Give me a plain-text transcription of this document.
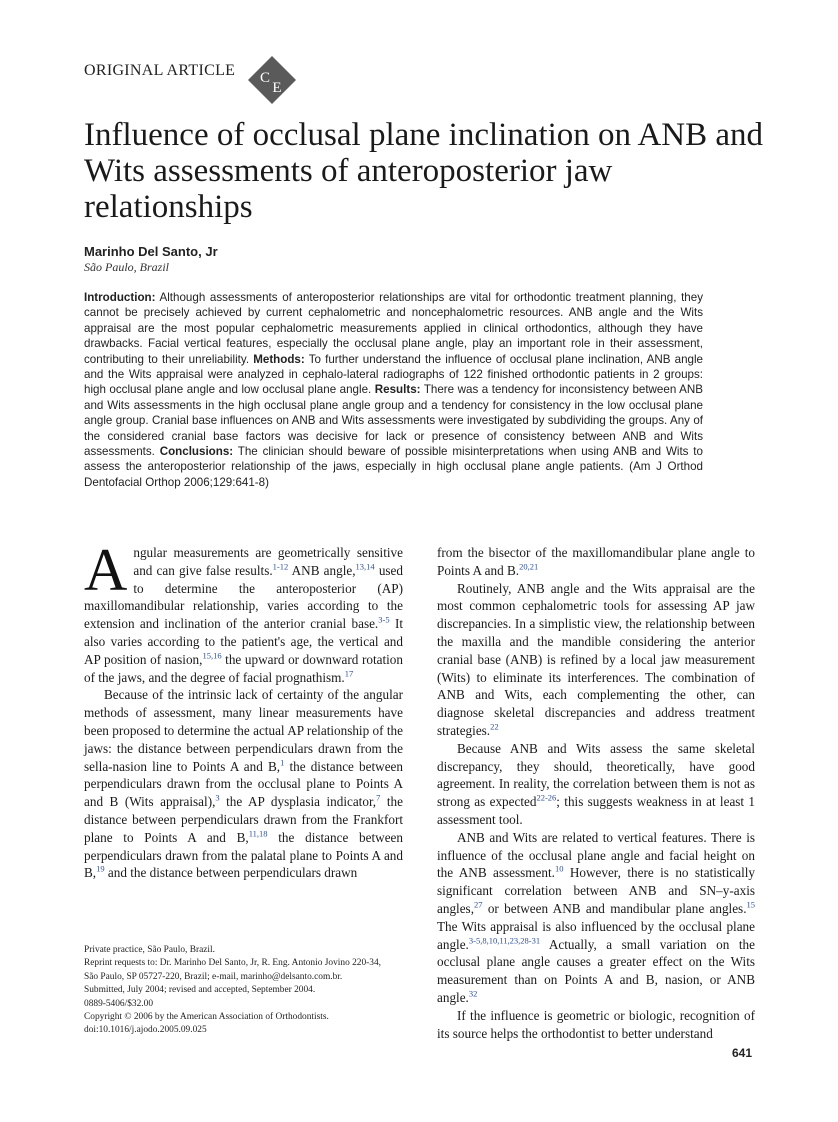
ORIGINAL ARTICLE C
E
Influence of occlusal plane inclination on ANB and Wits assessments of anteroposterior jaw relationships
Marinho Del Santo, Jr
São Paulo, Brazil

Introduction: Although assessments of anteroposterior relationships are vital for orthodontic treatment planning, they cannot be precisely achieved by current cephalometric and noncephalometric resources. ANB angle and the Wits appraisal are the most popular cephalometric measurements applied in clinical orthodontics, although they have drawbacks. Facial vertical features, especially the occlusal plane angle, play an important role in their assessment, contributing to their unreliability. Methods: To further understand the influence of occlusal plane inclination, ANB angle and the Wits appraisal were analyzed in cephalo-lateral radiographs of 122 finished orthodontic patients in 2 groups: high occlusal plane angle and low occlusal plane angle. Results: There was a tendency for inconsistency between ANB and Wits assessments in the high occlusal plane angle group and a tendency for consistency in the low occlusal plane angle group. Cranial base influences on ANB and Wits assessments were investigated by subdividing the groups. Any of the considered cranial base factors was decisive for lack or presence of consistency between ANB and Wits assessments. Conclusions: The clinician should beware of possible misinterpretations when using ANB and Wits to assess the anteroposterior relationship of the jaws, especially in high occlusal plane angle patients. (Am J Orthod Dentofacial Orthop 2006;129:641-8)

Angular measurements are geometrically sensitive and can give false results.$^{1-12}$ ANB angle,$^{13,14}$ used to determine the anteroposterior (AP) maxillomandibular relationship, varies according to the extension and inclination of the anterior cranial base.$^{3-5}$ It also varies according to the patient's age, the vertical and AP position of nasion,$^{15,16}$ the upward or downward rotation of the jaws, and the degree of facial prognathism.$^{17}$

Because of the intrinsic lack of certainty of the angular methods of assessment, many linear measurements have been proposed to determine the actual AP relationship of the jaws: the distance between perpendiculars drawn from the sella-nasion line to Points A and B,$^1$ the distance between perpendiculars drawn from the occlusal plane to Points A and B (Wits appraisal),$^3$ the AP dysplasia indicator,$^7$ the distance between perpendiculars drawn from the Frankfort plane to Points A and B,$^{11,18}$ the distance between perpendiculars drawn from the palatal plane to Points A and B,$^{19}$ and the distance between perpendiculars drawn

from the bisector of the maxillomandibular plane angle to Points A and B.$^{20,21}$

Routinely, ANB angle and the Wits appraisal are the most common cephalometric tools for assessing AP jaw discrepancies. In a simplistic view, the relationship between the maxilla and the mandible considering the anterior cranial base (ANB) is refined by a local jaw measurement (Wits) to eliminate its interferences. The combination of ANB and Wits, each complementing the other, can diagnose skeletal discrepancies and address treatment strategies.$^{22}$

Because ANB and Wits assess the same skeletal discrepancy, they should, theoretically, have good agreement. In reality, the correlation between them is not as strong as expected$^{22-26}$; this suggests weakness in at least 1 assessment tool.

ANB and Wits are related to vertical features. There is influence of the occlusal plane angle and facial height on the ANB assessment.$^{10}$ However, there is no statistically significant correlation between ANB and SN–y-axis angles,$^{27}$ or between ANB and mandibular plane angles.$^{15}$ The Wits appraisal is also influenced by the occlusal plane angle.$^{3-5,8,10,11,23,28-31}$ Actually, a small variation on the occlusal plane angle causes a greater effect on the Wits measurement than on Points A and B, nasion, or ANB angle.$^{32}$

If the influence is geometric or biologic, recognition of its source helps the orthodontist to better understand

Private practice, São Paulo, Brazil.
Reprint requests to: Dr. Marinho Del Santo, Jr, R. Eng. Antonio Jovino 220-34,
São Paulo, SP 05727-220, Brazil; e-mail, marinho@delsanto.com.br.
Submitted, July 2004; revised and accepted, September 2004.
0889-5406/$32.00
Copyright © 2006 by the American Association of Orthodontists.
doi:10.1016/j.ajodo.2005.09.025
641
